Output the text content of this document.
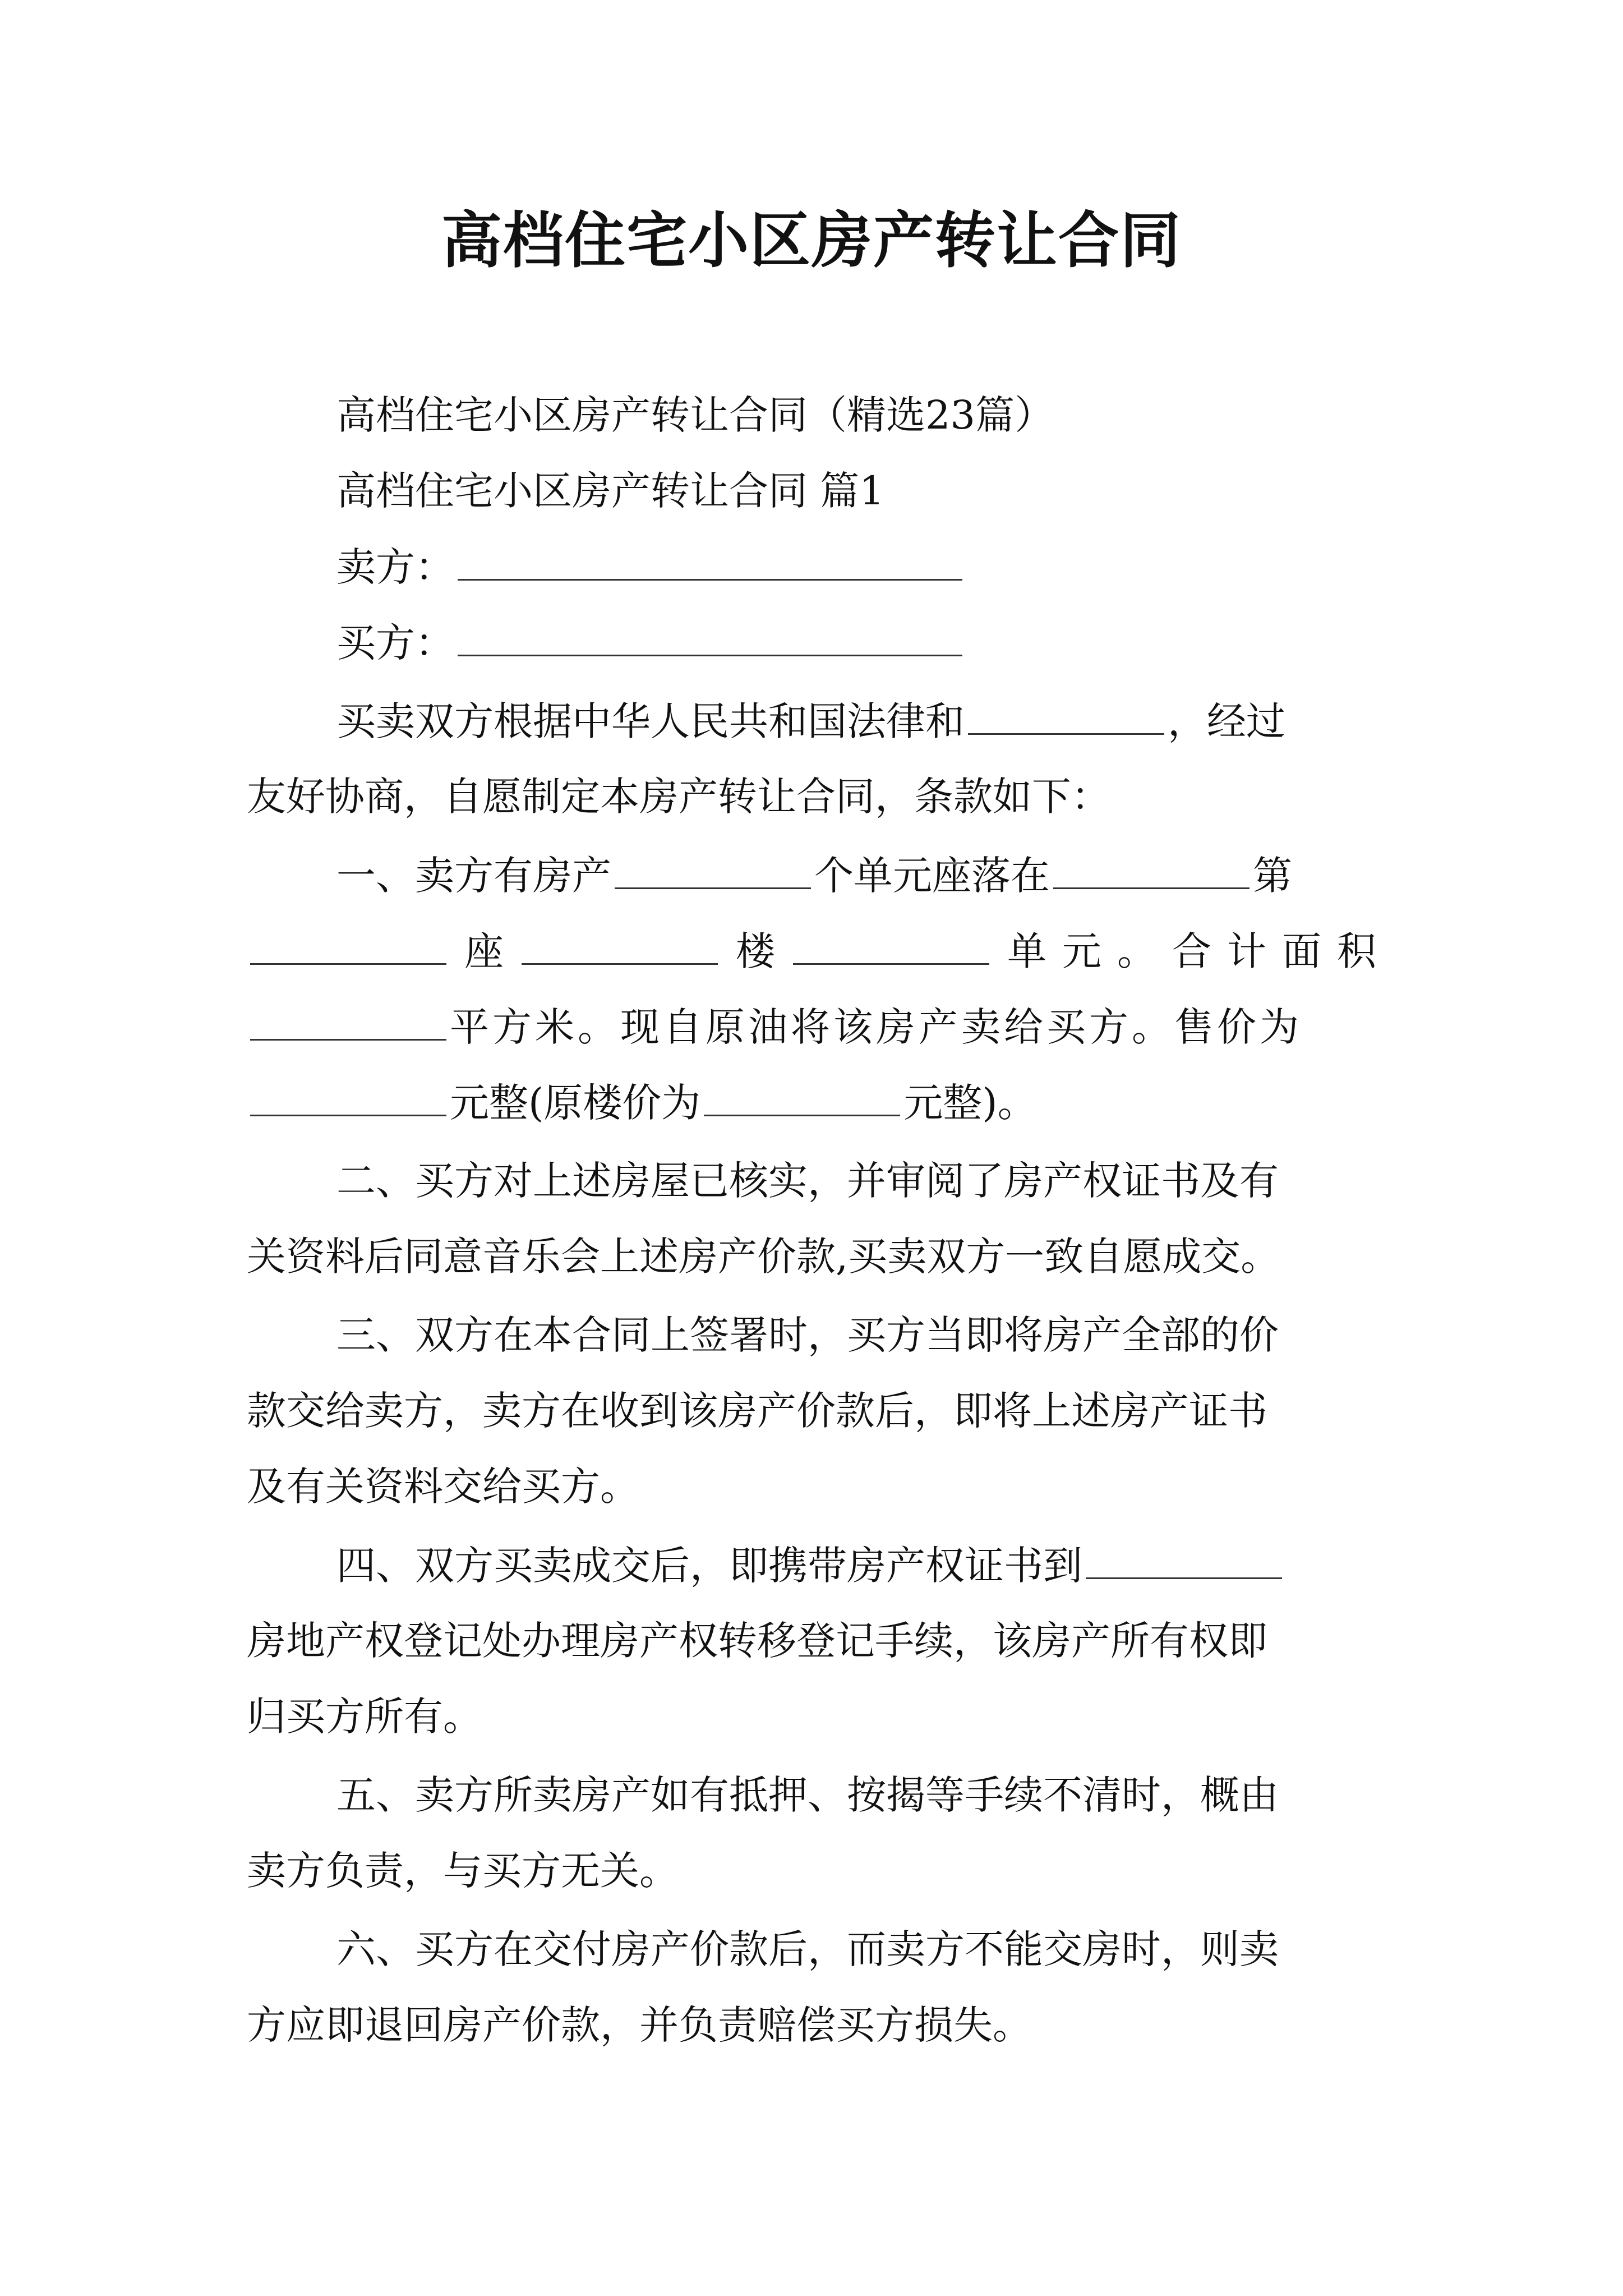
高档住宅小区房产转让合同
高档住宅小区房产转让合同（精选23篇）
高档住宅小区房产转让合同 篇1
卖方：
买方：
买卖双方根据中华人民共和国法律和	，经过
友好协商，自愿制定本房产转让合同，条款如下：
一、卖方有房产	个单元座落在	第
座	楼	单元。合计面积
平方米。现自原油将该房产卖给买方。售价为
元整(原楼价为	元整)。
二、买方对上述房屋已核实，并审阅了房产权证书及有
关资料后同意音乐会上述房产价款,买卖双方一致自愿成交。
三、双方在本合同上签署时，买方当即将房产全部的价
款交给卖方，卖方在收到该房产价款后，即将上述房产证书
及有关资料交给买方。
四、双方买卖成交后，即携带房产权证书到
房地产权登记处办理房产权转移登记手续，该房产所有权即
归买方所有。
五、卖方所卖房产如有抵押、按揭等手续不清时，概由
卖方负责，与买方无关。
六、买方在交付房产价款后，而卖方不能交房时，则卖
方应即退回房产价款，并负责赔偿买方损失。
